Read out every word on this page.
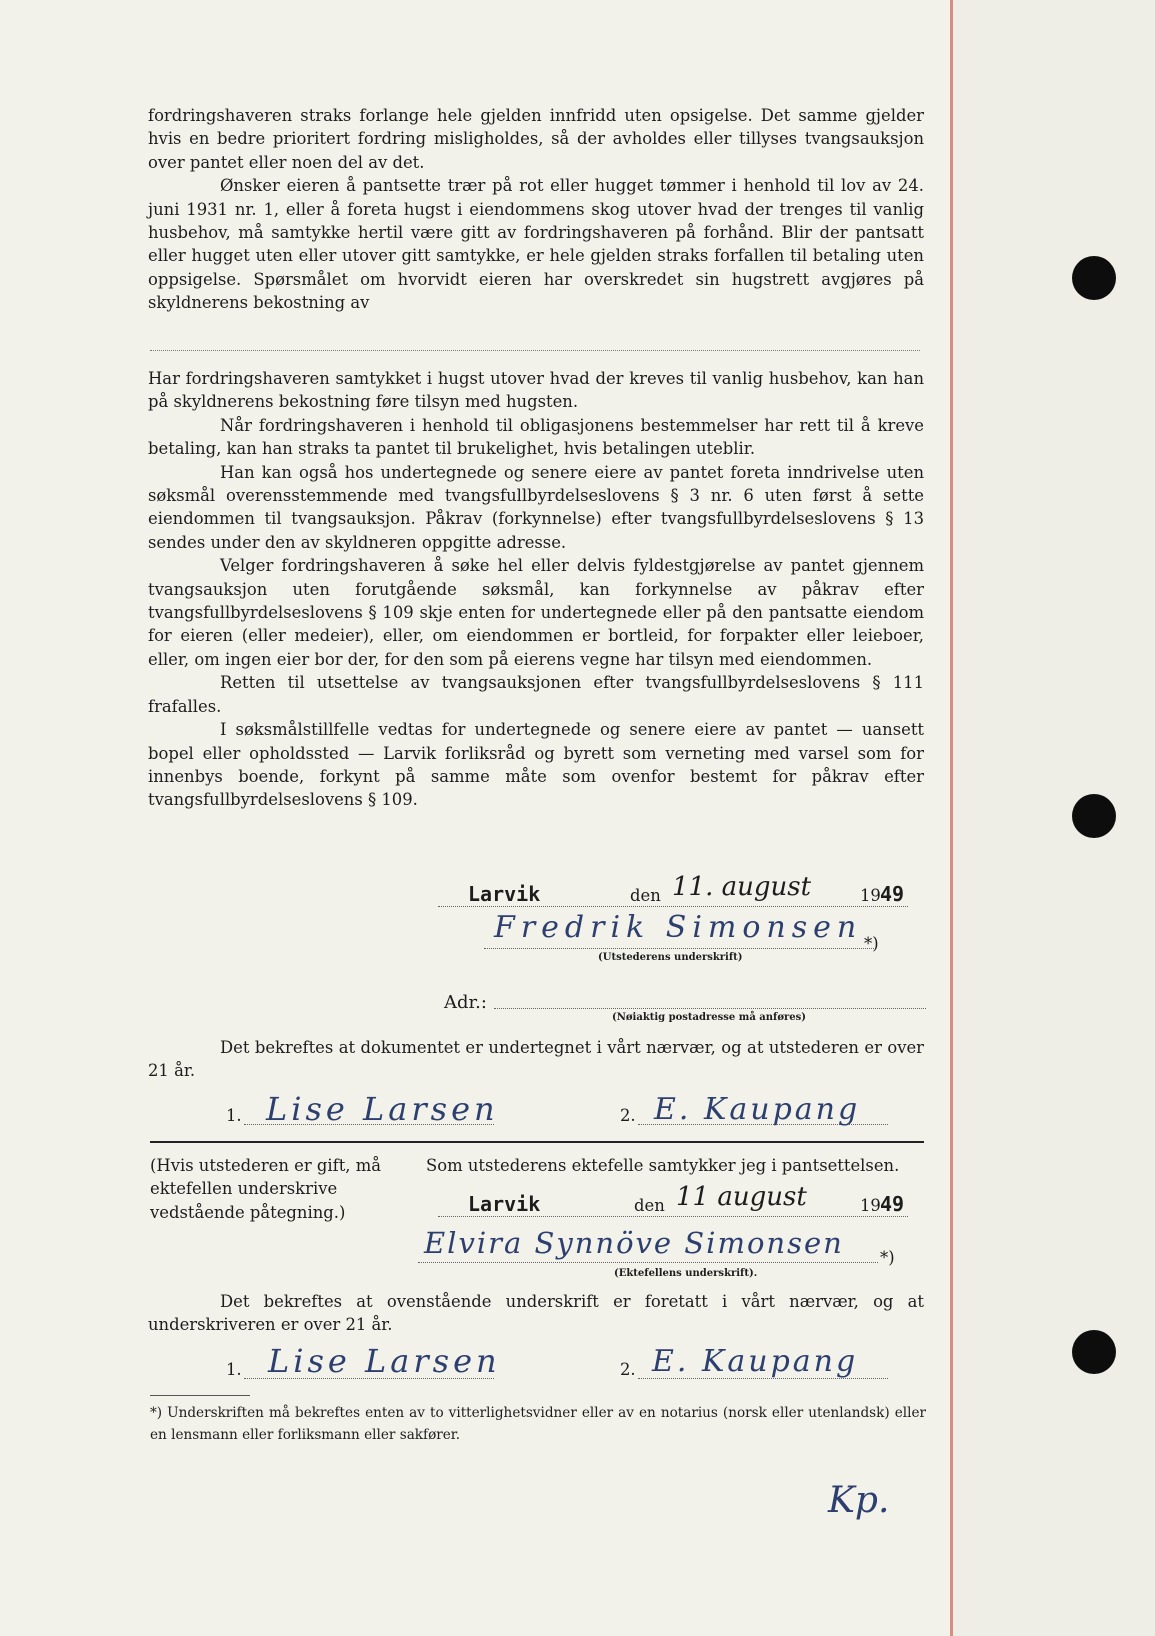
fordringshaveren straks forlange hele gjelden innfridd uten opsigelse. Det samme gjelder hvis en bedre prioritert fordring misligholdes, så der avholdes eller tillyses tvangsauksjon over pantet eller noen del av det.

Ønsker eieren å pantsette trær på rot eller hugget tømmer i henhold til lov av 24. juni 1931 nr. 1, eller å foreta hugst i eiendommens skog utover hvad der trenges til vanlig husbehov, må samtykke hertil være gitt av fordringshaveren på forhånd. Blir der pantsatt eller hugget uten eller utover gitt samtykke, er hele gjelden straks forfallen til betaling uten oppsigelse. Spørsmålet om hvorvidt eieren har overskredet sin hugstrett avgjøres på skyldnerens bekostning av

Har fordringshaveren samtykket i hugst utover hvad der kreves til vanlig husbehov, kan han på skyldnerens bekostning føre tilsyn med hugsten.

Når fordringshaveren i henhold til obligasjonens bestemmelser har rett til å kreve betaling, kan han straks ta pantet til brukelighet, hvis betalingen uteblir.

Han kan også hos undertegnede og senere eiere av pantet foreta inndrivelse uten søksmål overensstemmende med tvangsfullbyrdelseslovens § 3 nr. 6 uten først å sette eiendommen til tvangsauksjon. Påkrav (forkynnelse) efter tvangsfullbyrdelseslovens § 13 sendes under den av skyldneren oppgitte adresse.

Velger fordringshaveren å søke hel eller delvis fyldestgjørelse av pantet gjennem tvangsauksjon uten forutgående søksmål, kan forkynnelse av påkrav efter tvangsfullbyrdelseslovens § 109 skje enten for undertegnede eller på den pantsatte eiendom for eieren (eller medeier), eller, om eiendommen er bortleid, for forpakter eller leieboer, eller, om ingen eier bor der, for den som på eierens vegne har tilsyn med eiendommen.

Retten til utsettelse av tvangsauksjonen efter tvangsfullbyrdelseslovens § 111 frafalles.

I søksmålstillfelle vedtas for undertegnede og senere eiere av pantet — uansett bopel eller opholdssted — Larvik forliksråd og byrett som verneting med varsel som for innenbys boende, forkynt på samme måte som ovenfor bestemt for påkrav efter tvangsfullbyrdelseslovens § 109.

Larvik	den 11. august	19 49
Fredrik Simonsen *)
(Utstederens underskrift)
Adr.:
(Nøiaktig postadresse må anføres)

Det bekreftes at dokumentet er undertegnet i vårt nærvær, og at utstederen er over 21 år.

1. Lise Larsen	2. E. Kaupang
(Hvis utstederen er gift, må ektefellen underskrive vedstående påtegning.)
Som utstederens ektefelle samtykker jeg i pantsettelsen.
Larvik	den 11 august	19 49
Elvira Synnöve Simonsen *)
(Ektefellens underskrift).

Det bekreftes at ovenstående underskrift er foretatt i vårt nærvær, og at underskriveren er over 21 år.

1. Lise Larsen	2. E. Kaupang
*) Underskriften må bekreftes enten av to vitterlighetsvidner eller av en notarius (norsk eller utenlandsk) eller en lensmann eller forliksmann eller sakfører.
Kp.
